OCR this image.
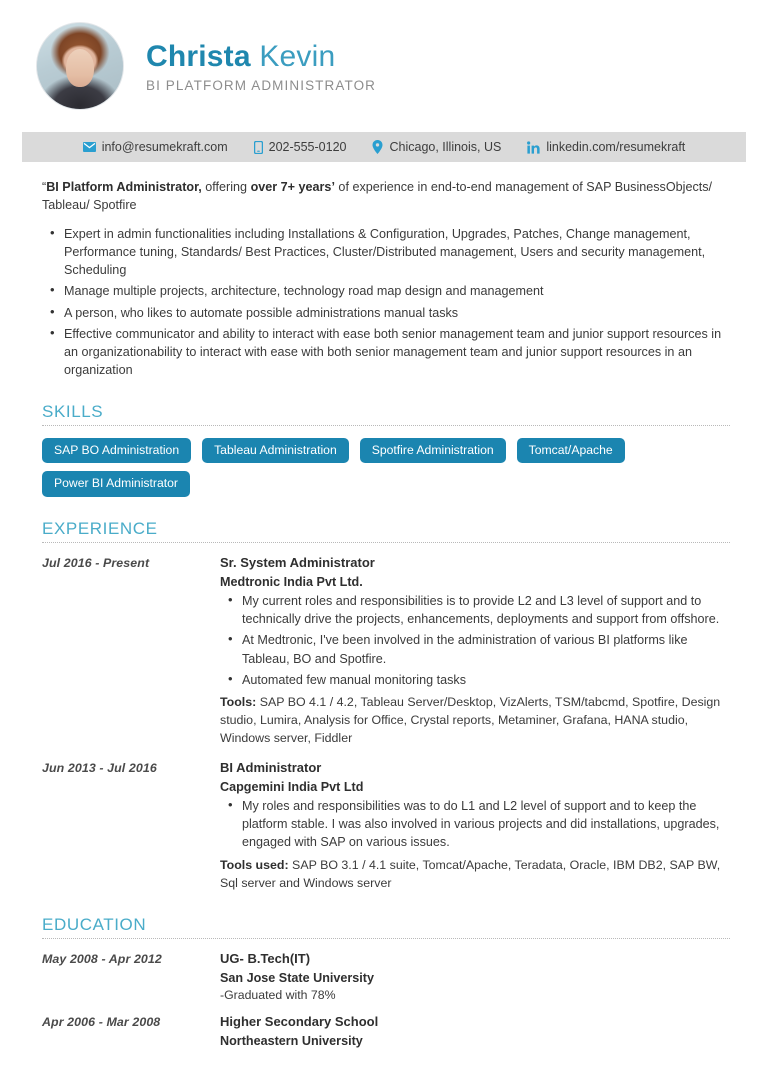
Christa Kevin
BI PLATFORM ADMINISTRATOR
info@resumekraft.com	202-555-0120	Chicago, Illinois, US	linkedin.com/resumekraft

“BI Platform Administrator, offering over 7+ years’ of experience in end-to-end management of SAP BusinessObjects/ Tableau/ Spotfire

• Expert in admin functionalities including Installations & Configuration, Upgrades, Patches, Change management, Performance tuning, Standards/ Best Practices, Cluster/Distributed management, Users and security management, Scheduling
• Manage multiple projects, architecture, technology road map design and management
• A person, who likes to automate possible administrations manual tasks
• Effective communicator and ability to interact with ease both senior management team and junior support resources in an organizationability to interact with ease with both senior management team and junior support resources in an organization
SKILLS
SAP BO Administration	Tableau Administration	Spotfire Administration	Tomcat/Apache
Power BI Administrator
EXPERIENCE
Jul 2016 - Present	Sr. System Administrator
Medtronic India Pvt Ltd.
• My current roles and responsibilities is to provide L2 and L3 level of support and to technically drive the projects, enhancements, deployments and support from offshore.
• At Medtronic, I've been involved in the administration of various BI platforms like Tableau, BO and Spotfire.
• Automated few manual monitoring tasks
Tools: SAP BO 4.1 / 4.2, Tableau Server/Desktop, VizAlerts, TSM/tabcmd, Spotfire, Design studio, Lumira, Analysis for Office, Crystal reports, Metaminer, Grafana, HANA studio, Windows server, Fiddler
Jun 2013 - Jul 2016	BI Administrator
Capgemini India Pvt Ltd
• My roles and responsibilities was to do L1 and L2 level of support and to keep the platform stable. I was also involved in various projects and did installations, upgrades, engaged with SAP on various issues.
Tools used: SAP BO 3.1 / 4.1 suite, Tomcat/Apache, Teradata, Oracle, IBM DB2, SAP BW, Sql server and Windows server
EDUCATION
May 2008 - Apr 2012	UG- B.Tech(IT)
San Jose State University
-Graduated with 78%
Apr 2006 - Mar 2008	Higher Secondary School
Northeastern University
